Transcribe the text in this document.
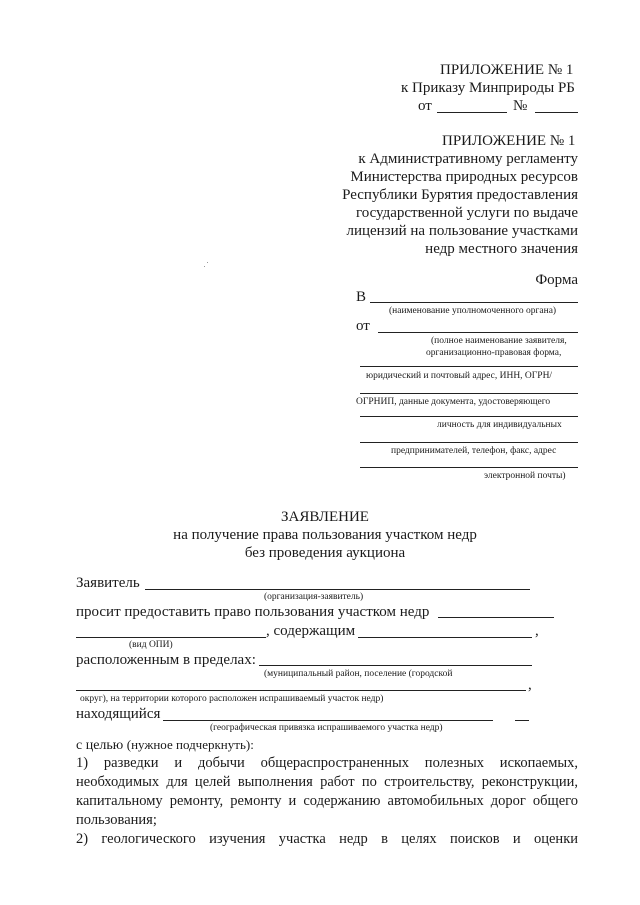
ПРИЛОЖЕНИЕ № 1
к Приказу Минприроды РБ
от	№
ПРИЛОЖЕНИЕ № 1
к Административному регламенту
Министерства природных ресурсов
Республики Бурятия предоставления
государственной услуги по выдаче
лицензий на пользование участками
недр местного значения
Форма
В
(наименование уполномоченного органа)
от
(полное наименование заявителя,
организационно-правовая форма,
юридический и почтовый адрес, ИНН, ОГРН/
ОГРНИП, данные документа, удостоверяющего
личность для индивидуальных
предпринимателей, телефон, факс, адрес
электронной почты)
ЗАЯВЛЕНИЕ
на получение права пользования участком недр
без проведения аукциона
Заявитель
(организация-заявитель)
просит предоставить право пользования участком недр
, содержащим	,
(вид ОПИ)
расположенным в пределах:
(муниципальный район, поселение (городской
,
округ), на территории которого расположен испрашиваемый участок недр)
находящийся
(географическая привязка испрашиваемого участка недр)
с целью (нужное подчеркнуть):
1) разведки и добычи общераспространенных полезных ископаемых, необходимых для целей выполнения работ по строительству, реконструкции, капитальному ремонту, ремонту и содержанию автомобильных дорог общего пользования;
2) геологического изучения участка недр в целях поисков и оценки
